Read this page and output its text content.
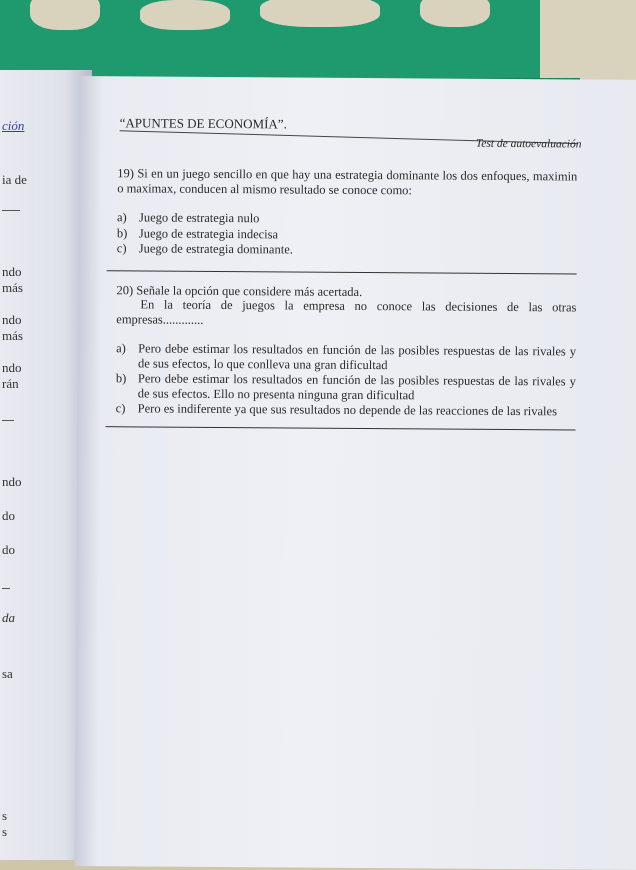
ción
ia de
ndo
más
ndo
más
ndo
rán
ndo
do
do
da
sa
s
s
“APUNTES DE ECONOMÍA”.
Test de autoevaluación
19) Si en un juego sencillo en que hay una estrategia dominante los dos enfoques, maximin o maximax, conducen al mismo resultado se conoce como:
a) Juego de estrategia nulo
b) Juego de estrategia indecisa
c) Juego de estrategia dominante.
20) Señale la opción que considere más acertada.
En la teoría de juegos la empresa no conoce las decisiones de las otras empresas.............
a) Pero debe estimar los resultados en función de las posibles respuestas de las rivales y de sus efectos, lo que conlleva una gran dificultad
b) Pero debe estimar los resultados en función de las posibles respuestas de las rivales y de sus efectos. Ello no presenta ninguna gran dificultad
c) Pero es indiferente ya que sus resultados no depende de las reacciones de las rivales
